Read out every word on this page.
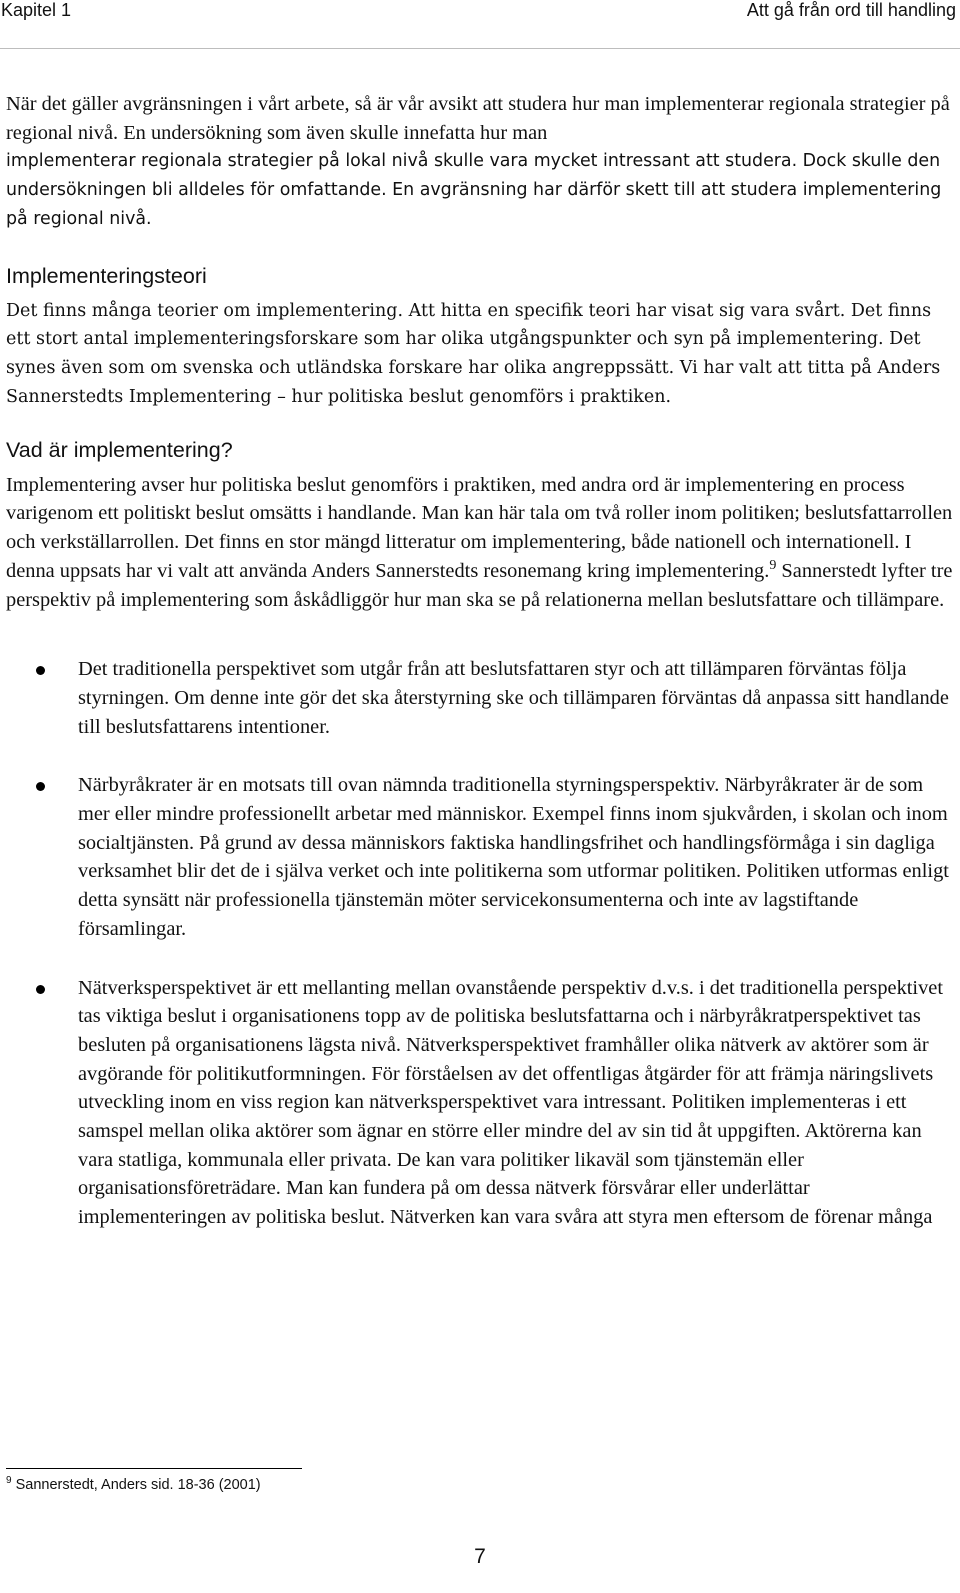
Kapitel 1	Att gå från ord till handling

När det gäller avgränsningen i vårt arbete, så är vår avsikt att studera hur man implementerar regionala strategier på regional nivå. En undersökning som även skulle innefatta hur man

implementerar regionala strategier på lokal nivå skulle vara mycket intressant att studera. Dock skulle den undersökningen bli alldeles för omfattande. En avgränsning har därför skett till att studera implementering på regional nivå.

Implementeringsteori

Det finns många teorier om implementering. Att hitta en specifik teori har visat sig vara svårt. Det finns ett stort antal implementeringsforskare som har olika utgångspunkter och syn på implementering. Det synes även som om svenska och utländska forskare har olika angreppssätt. Vi har valt att titta på Anders Sannerstedts Implementering – hur politiska beslut genomförs i praktiken.

Vad är implementering?

Implementering avser hur politiska beslut genomförs i praktiken, med andra ord är implementering en process varigenom ett politiskt beslut omsätts i handlande. Man kan här tala om två roller inom politiken; beslutsfattarrollen och verkställarrollen. Det finns en stor mängd litteratur om implementering, både nationell och internationell. I denna uppsats har vi valt att använda Anders Sannerstedts resonemang kring implementering.$^9$ Sannerstedt lyfter tre perspektiv på implementering som åskådliggör hur man ska se på relationerna mellan beslutsfattare och tillämpare.

Det traditionella perspektivet som utgår från att beslutsfattaren styr och att tillämparen förväntas följa styrningen. Om denne inte gör det ska återstyrning ske och tillämparen förväntas då anpassa sitt handlande till beslutsfattarens intentioner.
Närbyråkrater är en motsats till ovan nämnda traditionella styrningsperspektiv. Närbyråkrater är de som mer eller mindre professionellt arbetar med människor. Exempel finns inom sjukvården, i skolan och inom socialtjänsten. På grund av dessa människors faktiska handlingsfrihet och handlingsförmåga i sin dagliga verksamhet blir det de i själva verket och inte politikerna som utformar politiken. Politiken utformas enligt detta synsätt när professionella tjänstemän möter servicekonsumenterna och inte av lagstiftande församlingar.
Nätverksperspektivet är ett mellanting mellan ovanstående perspektiv d.v.s. i det traditionella perspektivet tas viktiga beslut i organisationens topp av de politiska beslutsfattarna och i närbyråkratperspektivet tas besluten på organisationens lägsta nivå. Nätverksperspektivet framhåller olika nätverk av aktörer som är avgörande för politikutformningen. För förståelsen av det offentligas åtgärder för att främja näringslivets utveckling inom en viss region kan nätverksperspektivet vara intressant. Politiken implementeras i ett samspel mellan olika aktörer som ägnar en större eller mindre del av sin tid åt uppgiften. Aktörerna kan vara statliga, kommunala eller privata. De kan vara politiker likaväl som tjänstemän eller organisationsföreträdare. Man kan fundera på om dessa nätverk försvårar eller underlättar implementeringen av politiska beslut. Nätverken kan vara svåra att styra men eftersom de förenar många
$^9$ Sannerstedt, Anders sid. 18-36 (2001)
7
